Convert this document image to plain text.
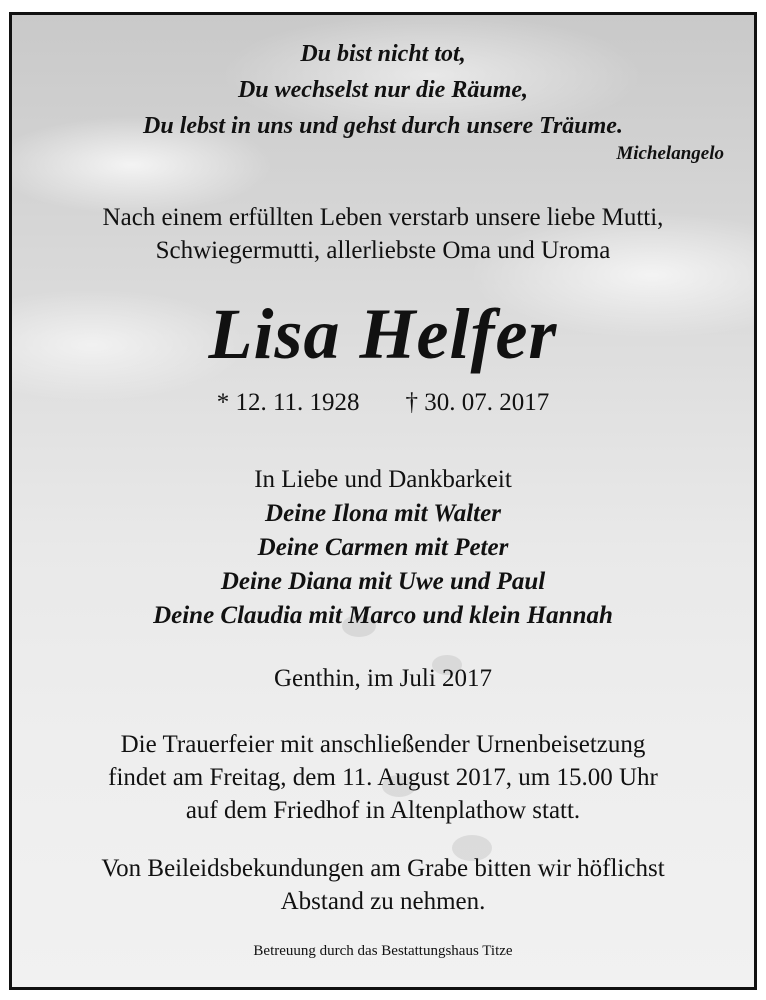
Du bist nicht tot,

Du wechselst nur die Räume,

Du lebst in uns und gehst durch unsere Träume.

Michelangelo

Nach einem erfüllten Leben verstarb unsere liebe Mutti,

Schwiegermutti, allerliebste Oma und Uroma

Lisa Helfer

* 12. 11. 1928 † 30. 07. 2017

In Liebe und Dankbarkeit

Deine Ilona mit Walter

Deine Carmen mit Peter

Deine Diana mit Uwe und Paul

Deine Claudia mit Marco und klein Hannah

Genthin, im Juli 2017

Die Trauerfeier mit anschließender Urnenbeisetzung

findet am Freitag, dem 11. August 2017, um 15.00 Uhr

auf dem Friedhof in Altenplathow statt.

Von Beileidsbekundungen am Grabe bitten wir höflichst

Abstand zu nehmen.

Betreuung durch das Bestattungshaus Titze
